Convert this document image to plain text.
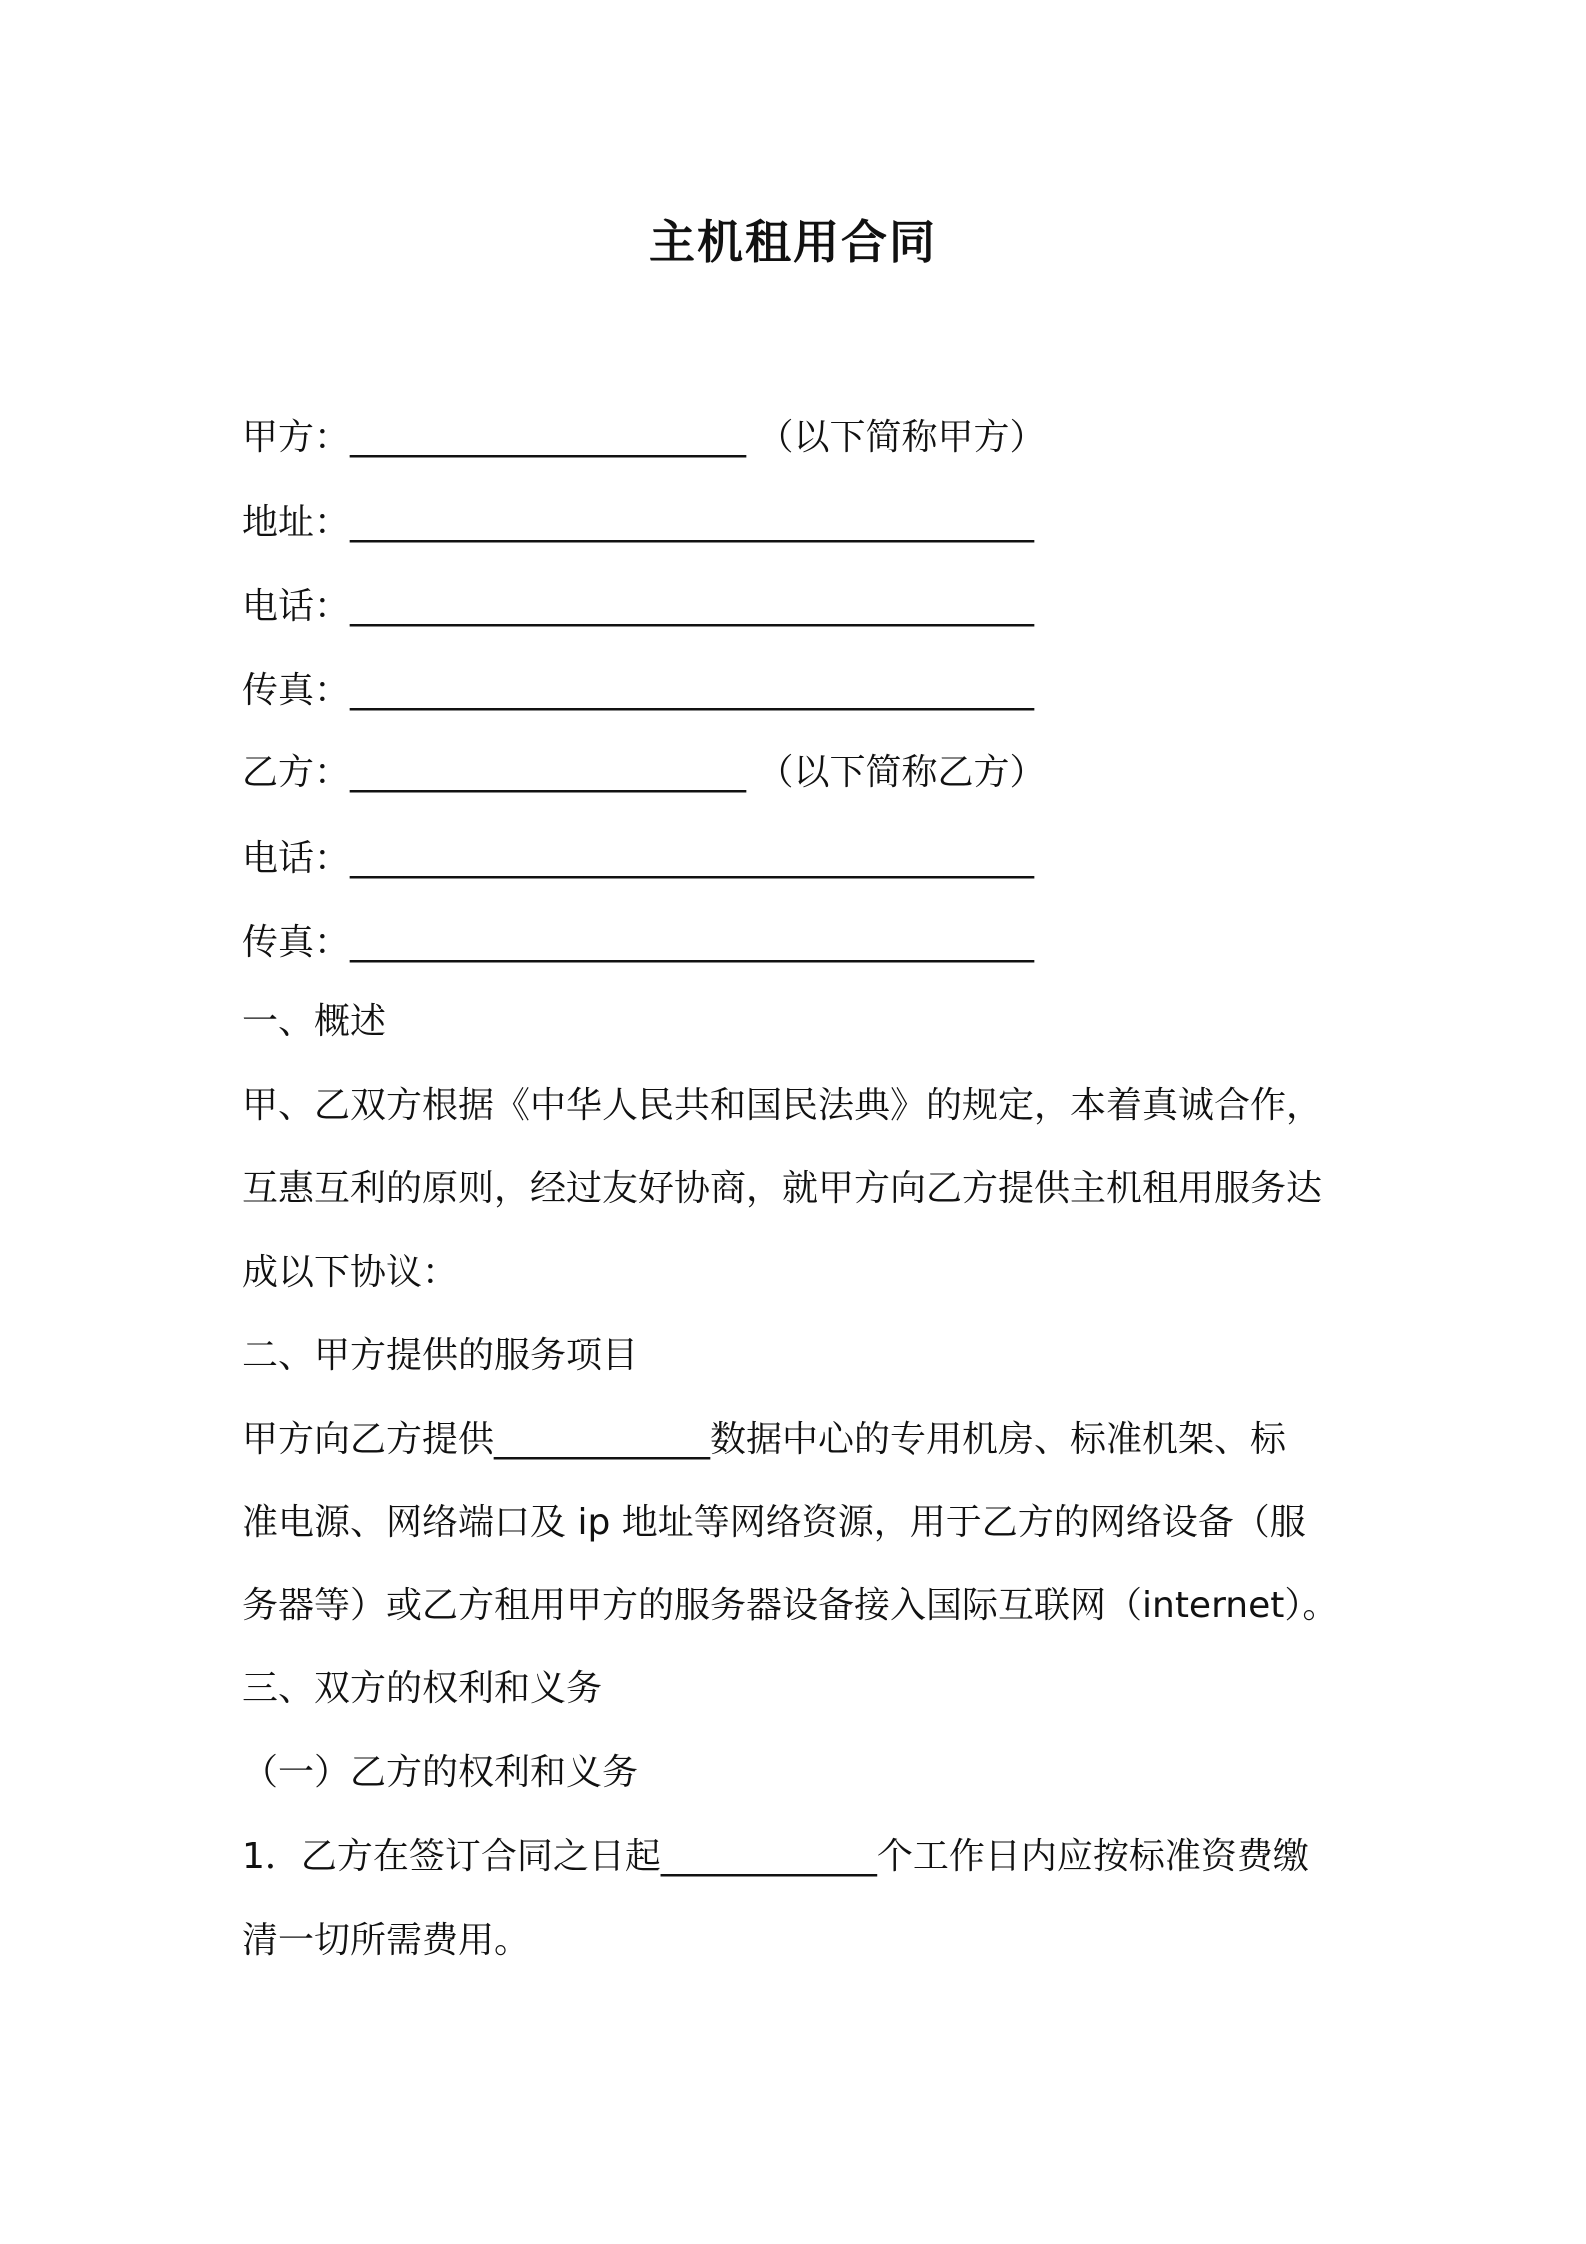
主机租用合同
甲方：______________________ （以下简称甲方）
地址：______________________________________
电话：______________________________________
传真：______________________________________
乙方：______________________ （以下简称乙方）
电话：______________________________________
传真：______________________________________
一、概述
甲、乙双方根据《中华人民共和国民法典》的规定，本着真诚合作，
互惠互利的原则，经过友好协商，就甲方向乙方提供主机租用服务达
成以下协议：
二、甲方提供的服务项目
甲方向乙方提供____________数据中心的专用机房、标准机架、标
准电源、网络端口及 ip 地址等网络资源，用于乙方的网络设备（服
务器等）或乙方租用甲方的服务器设备接入国际互联网（internet）。
三、双方的权利和义务
（一）乙方的权利和义务
1．乙方在签订合同之日起____________个工作日内应按标准资费缴
清一切所需费用。
